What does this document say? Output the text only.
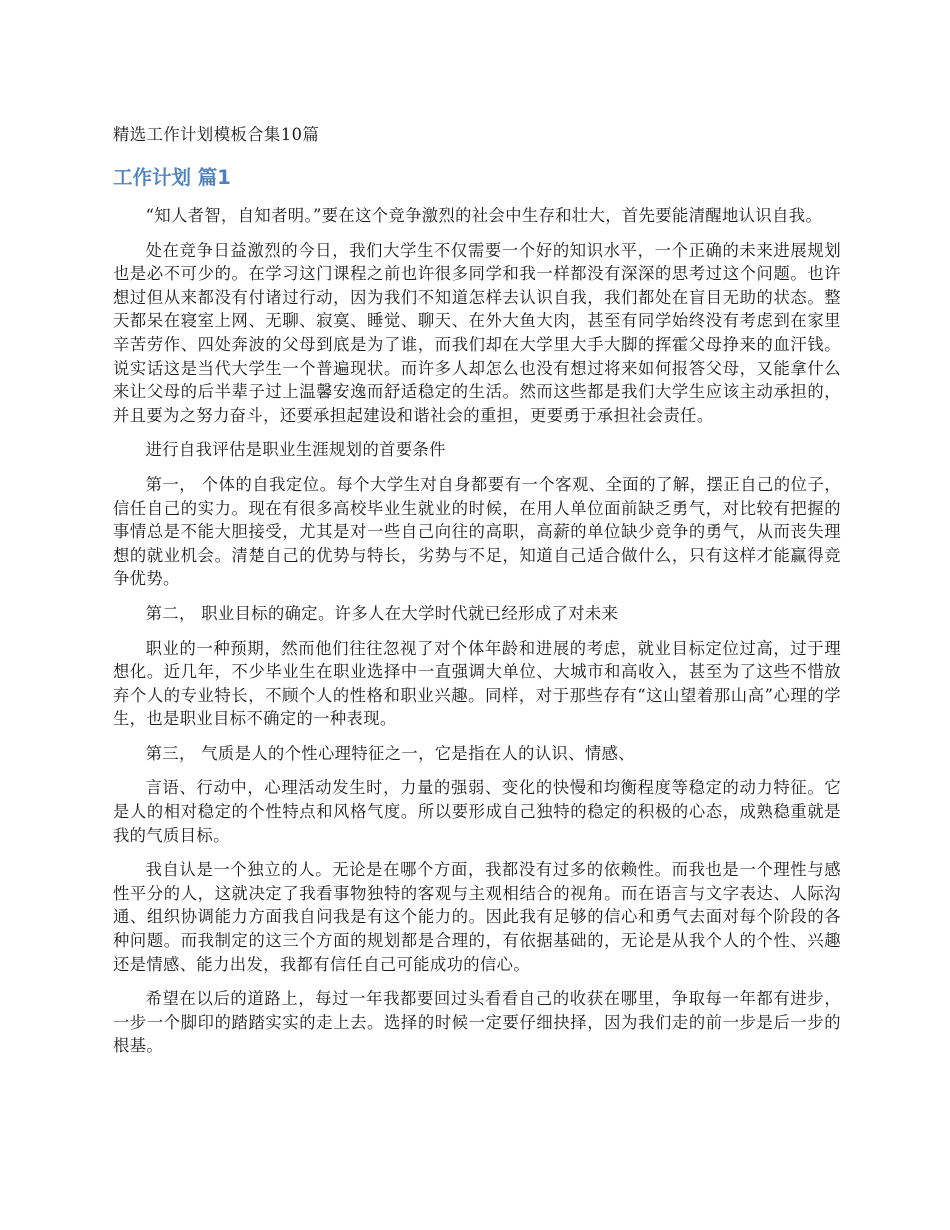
精选工作计划模板合集10篇

工作计划 篇1

“知人者智，自知者明。”要在这个竞争激烈的社会中生存和壮大，首先要能清醒地认识自我。

处在竞争日益激烈的今日，我们大学生不仅需要一个好的知识水平，一个正确的未来进展规划也是必不可少的。在学习这门课程之前也许很多同学和我一样都没有深深的思考过这个问题。也许想过但从来都没有付诸过行动，因为我们不知道怎样去认识自我，我们都处在盲目无助的状态。整天都呆在寝室上网、无聊、寂寞、睡觉、聊天、在外大鱼大肉，甚至有同学始终没有考虑到在家里辛苦劳作、四处奔波的父母到底是为了谁，而我们却在大学里大手大脚的挥霍父母挣来的血汗钱。说实话这是当代大学生一个普遍现状。而许多人却怎么也没有想过将来如何报答父母，又能拿什么来让父母的后半辈子过上温馨安逸而舒适稳定的生活。然而这些都是我们大学生应该主动承担的，并且要为之努力奋斗，还要承担起建设和谐社会的重担，更要勇于承担社会责任。

进行自我评估是职业生涯规划的首要条件

第一， 个体的自我定位。每个大学生对自身都要有一个客观、全面的了解，摆正自己的位子，信任自己的实力。现在有很多高校毕业生就业的时候，在用人单位面前缺乏勇气，对比较有把握的事情总是不能大胆接受，尤其是对一些自己向往的高职，高薪的单位缺少竞争的勇气，从而丧失理想的就业机会。清楚自己的优势与特长，劣势与不足，知道自己适合做什么，只有这样才能赢得竞争优势。

第二， 职业目标的确定。许多人在大学时代就已经形成了对未来

职业的一种预期，然而他们往往忽视了对个体年龄和进展的考虑，就业目标定位过高，过于理想化。近几年，不少毕业生在职业选择中一直强调大单位、大城市和高收入，甚至为了这些不惜放弃个人的专业特长，不顾个人的性格和职业兴趣。同样，对于那些存有“这山望着那山高”心理的学生，也是职业目标不确定的一种表现。

第三， 气质是人的个性心理特征之一，它是指在人的认识、情感、

言语、行动中，心理活动发生时，力量的强弱、变化的快慢和均衡程度等稳定的动力特征。它是人的相对稳定的个性特点和风格气度。所以要形成自己独特的稳定的积极的心态，成熟稳重就是我的气质目标。

我自认是一个独立的人。无论是在哪个方面，我都没有过多的依赖性。而我也是一个理性与感性平分的人，这就决定了我看事物独特的客观与主观相结合的视角。而在语言与文字表达、人际沟通、组织协调能力方面我自问我是有这个能力的。因此我有足够的信心和勇气去面对每个阶段的各种问题。而我制定的这三个方面的规划都是合理的，有依据基础的，无论是从我个人的个性、兴趣还是情感、能力出发，我都有信任自己可能成功的信心。

希望在以后的道路上，每过一年我都要回过头看看自己的收获在哪里，争取每一年都有进步，一步一个脚印的踏踏实实的走上去。选择的时候一定要仔细抉择，因为我们走的前一步是后一步的根基。
